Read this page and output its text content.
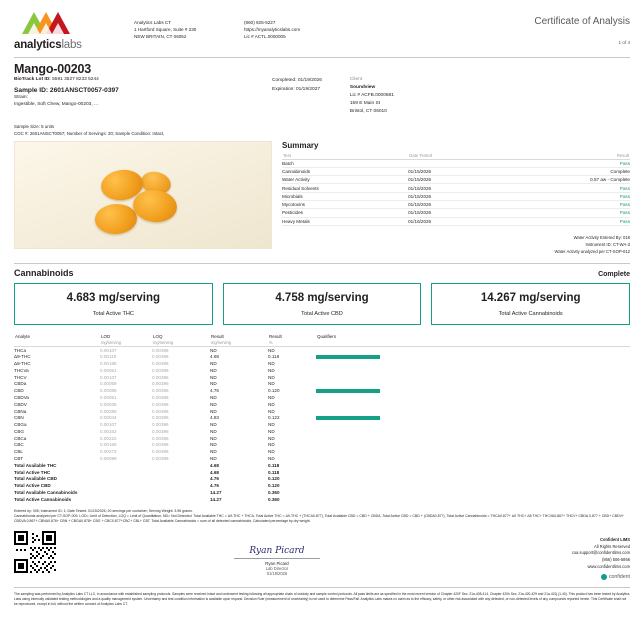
analyticslabs
Analytics Labs CT
1 Hartford Square, Suite # 230
NEW BRITAIN, CT 06052
(860) 925-5227
https://myanalyticslabs.com
Lic # ACTL.0000005
Certificate of Analysis
1 of 4
Mango-00203
BioTrack Lot ID: 5591 3527 8233 5244
Sample ID: 2601ANSCT0057-0397
Strain:
Ingestible, Soft Chew, Mango-00203, ...
Completed: 01/19/2026
Expiration: 01/19/2027
Client
Soundview
Lic # ACFB.0000681
159 E Main St
Bristol, CT 06010
Sample Size: 5 units
COC #: 2601ANSCT0057; Number of Servings: 20; Sample Condition: Intact,
Summary
Test	Date Tested	Result
Batch		Pass
Cannabinoids	01/15/2026	Complete
Water Activity	01/15/2026	0.57 aw - Complete
Residual Solvents	01/16/2026	Pass
Microbials	01/15/2026	Pass
Mycotoxins	01/15/2026	Pass
Pesticides	01/15/2026	Pass
Heavy Metals	01/16/2026	Pass
Water Activity Entered By: 018
Instrument ID: CT-WA-3
Water Activity analyzed per CT-SOP-012
Cannabinoids	Complete
4.683 mg/serving
Total Active THC
4.758 mg/serving
Total Active CBD
14.267 mg/serving
Total Active Cannabinoids
Analyte	LOD	LOQ	Result	Result	Qualifiers
	mg/serving	mg/serving	mg/serving	%	
THCa	0.00107	0.00396	ND	ND	
Δ9-THC	0.00119	0.00396	4.68	0.118	
Δ8-THC	0.00186	0.00396	ND	ND	
THCVa	0.00051	0.00396	ND	ND	
THCV	0.00107	0.00396	ND	ND	
CBDa	0.00059	0.00396	ND	ND	
CBD	0.00085	0.00396	4.76	0.120	
CBDVa	0.00051	0.00396	ND	ND	
CBDV	0.00036	0.00396	ND	ND	
CBNa	0.00289	0.00396	ND	ND	
CBN	0.00044	0.00396	4.83	0.122	
CBGa	0.00107	0.00396	ND	ND	
CBG	0.00162	0.00396	ND	ND	
CBCa	0.00222	0.00396	ND	ND	
CBC	0.00166	0.00396	ND	ND	
CBL	0.00273	0.00396	ND	ND	
CBT	0.00099	0.00396	ND	ND	
Total Available THC			4.68	0.118	
Total Active THC			4.68	0.118	
Total Available CBD			4.76	0.120	
Total Active CBD			4.76	0.120	
Total Available Cannabinoids			14.27	0.360	
Total Active Cannabinoids			14.27	0.360	
Entered by: 005; Instrument ID: 1; Date Tested: 01/15/2026; 20 servings per container; Serving Weight: 3.96 grams.
Cannabinoids analyzed per CT-SOP-009. LOD= Limit of Detection, LOQ = Limit of Quantitation, ND= Not Detected. Total Available THC = Δ9-THC + THCA, Total Active THC = Δ9-THC + (THCA0.877), Total Available CBD = CBD + CBDA, Total Active CBD = CBD + (CBDA0.877), Total Active Cannabinoids = THCA0.877+ Δ9 THC+ Δ8 THC+ THCVA0.867+ THCV+ CBDA 0.877 + CBD+ CBDV+ CBDVA 0.867+ CBNA0.876+ CBN + CBGA0.878+ CBG + CBC0.877+CBC+ CBL+ CBT. Total Available Cannabinoids = sum of all detected cannabinoids. Calculated percentage by dry weight.
Ryan Picard
Ryan Picard
Lab Director
01/19/2026
Confident LIMS
All Rights Reserved
coa.support@confidentlims.com
(866) 506-5866
www.confidentlims.com
confident
The sampling was performed by Analytics Labs CT LLC, in accordance with established sampling protocols. Samples were received intact and underwent testing following all appropriate chain of custody and sample control protocols. All pass limits are as specified in the most recent version of Chapter 420F Sec. 21a-408-414, Chapter 420h Sec. 21a-420-429 and 21a-421j (1-40). This product has been tested by Analytics Labs using internally validated testing methodologies and a quality management system. Uncertainty and test condition information is available upon request. Decision Rule (measurement of uncertainty) is not used to determine Pass/Fail. Analytics Labs makes no claim as to the efficacy, safety, or other risk associated with any detected, or non-detected levels of any compounds reported herein. This Certificate shall not be reproduced, except in full, without the written consent of Analytics Labs CT.
